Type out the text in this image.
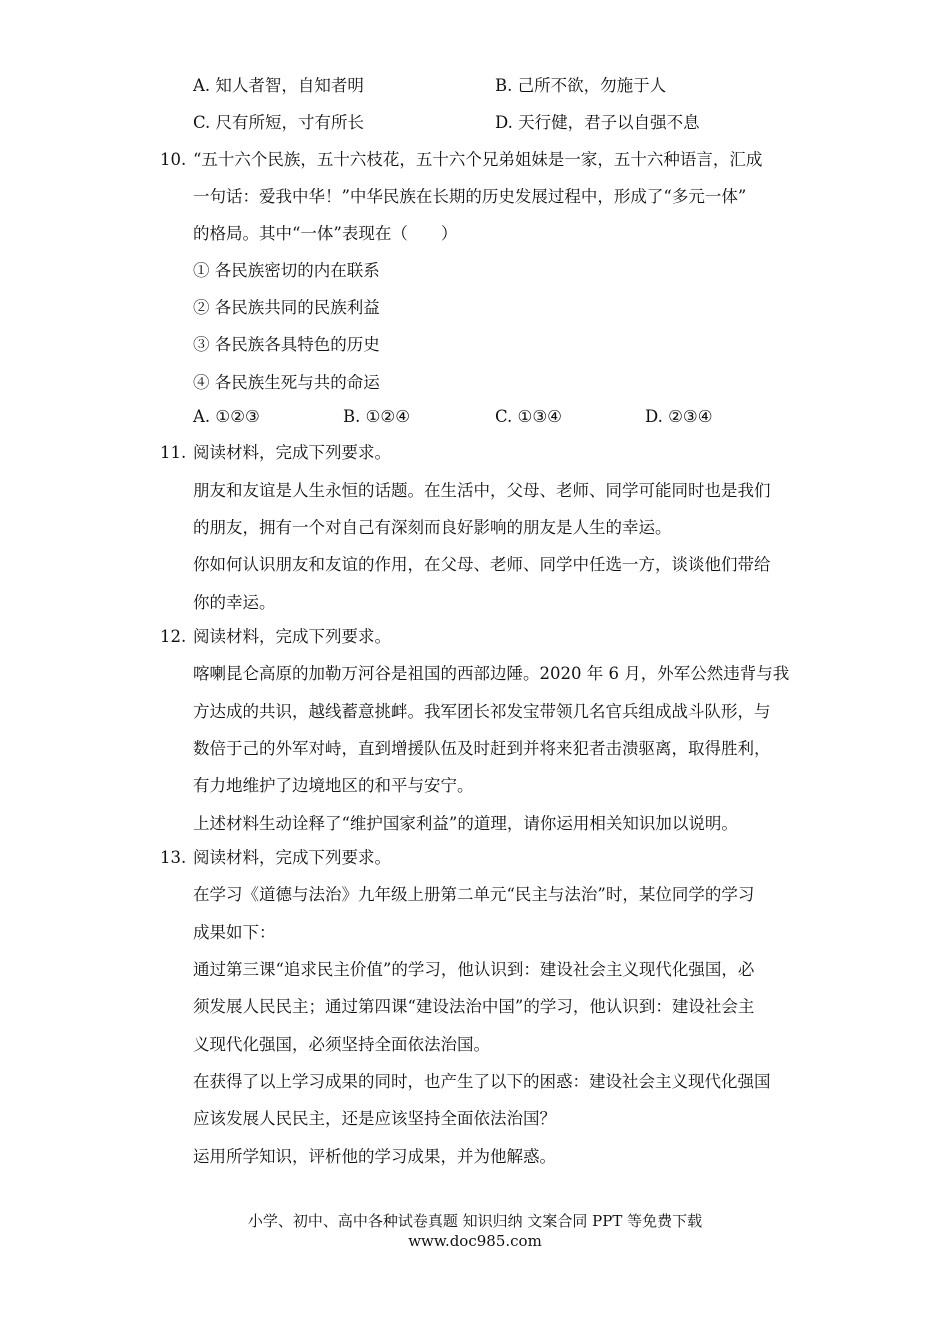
A. 知人者智，自知者明	B. 己所不欲，勿施于人
C. 尺有所短，寸有所长	D. 天行健，君子以自强不息
10. “五十六个民族，五十六枝花，五十六个兄弟姐妹是一家，五十六种语言，汇成
一句话：爱我中华！”中华民族在长期的历史发展过程中，形成了“多元一体”
的格局。其中“一体”表现在（　　）
① 各民族密切的内在联系
② 各民族共同的民族利益
③ 各民族各具特色的历史
④ 各民族生死与共的命运
A. ①②③	B. ①②④	C. ①③④	D. ②③④
11. 阅读材料，完成下列要求。
朋友和友谊是人生永恒的话题。在生活中，父母、老师、同学可能同时也是我们
的朋友，拥有一个对自己有深刻而良好影响的朋友是人生的幸运。
你如何认识朋友和友谊的作用，在父母、老师、同学中任选一方，谈谈他们带给
你的幸运。
12. 阅读材料，完成下列要求。
喀喇昆仑高原的加勒万河谷是祖国的西部边陲。2020 年 6 月，外军公然违背与我
方达成的共识，越线蓄意挑衅。我军团长祁发宝带领几名官兵组成战斗队形，与
数倍于己的外军对峙，直到增援队伍及时赶到并将来犯者击溃驱离，取得胜利，
有力地维护了边境地区的和平与安宁。
上述材料生动诠释了“维护国家利益”的道理，请你运用相关知识加以说明。
13. 阅读材料，完成下列要求。
在学习《道德与法治》九年级上册第二单元“民主与法治”时，某位同学的学习
成果如下：
通过第三课“追求民主价值”的学习，他认识到：建设社会主义现代化强国，必
须发展人民民主；通过第四课“建设法治中国”的学习，他认识到：建设社会主
义现代化强国，必须坚持全面依法治国。
在获得了以上学习成果的同时，也产生了以下的困惑：建设社会主义现代化强国
应该发展人民民主，还是应该坚持全面依法治国？
运用所学知识，评析他的学习成果，并为他解惑。
小学、初中、高中各种试卷真题 知识归纳 文案合同 PPT 等免费下载
www.doc985.com
